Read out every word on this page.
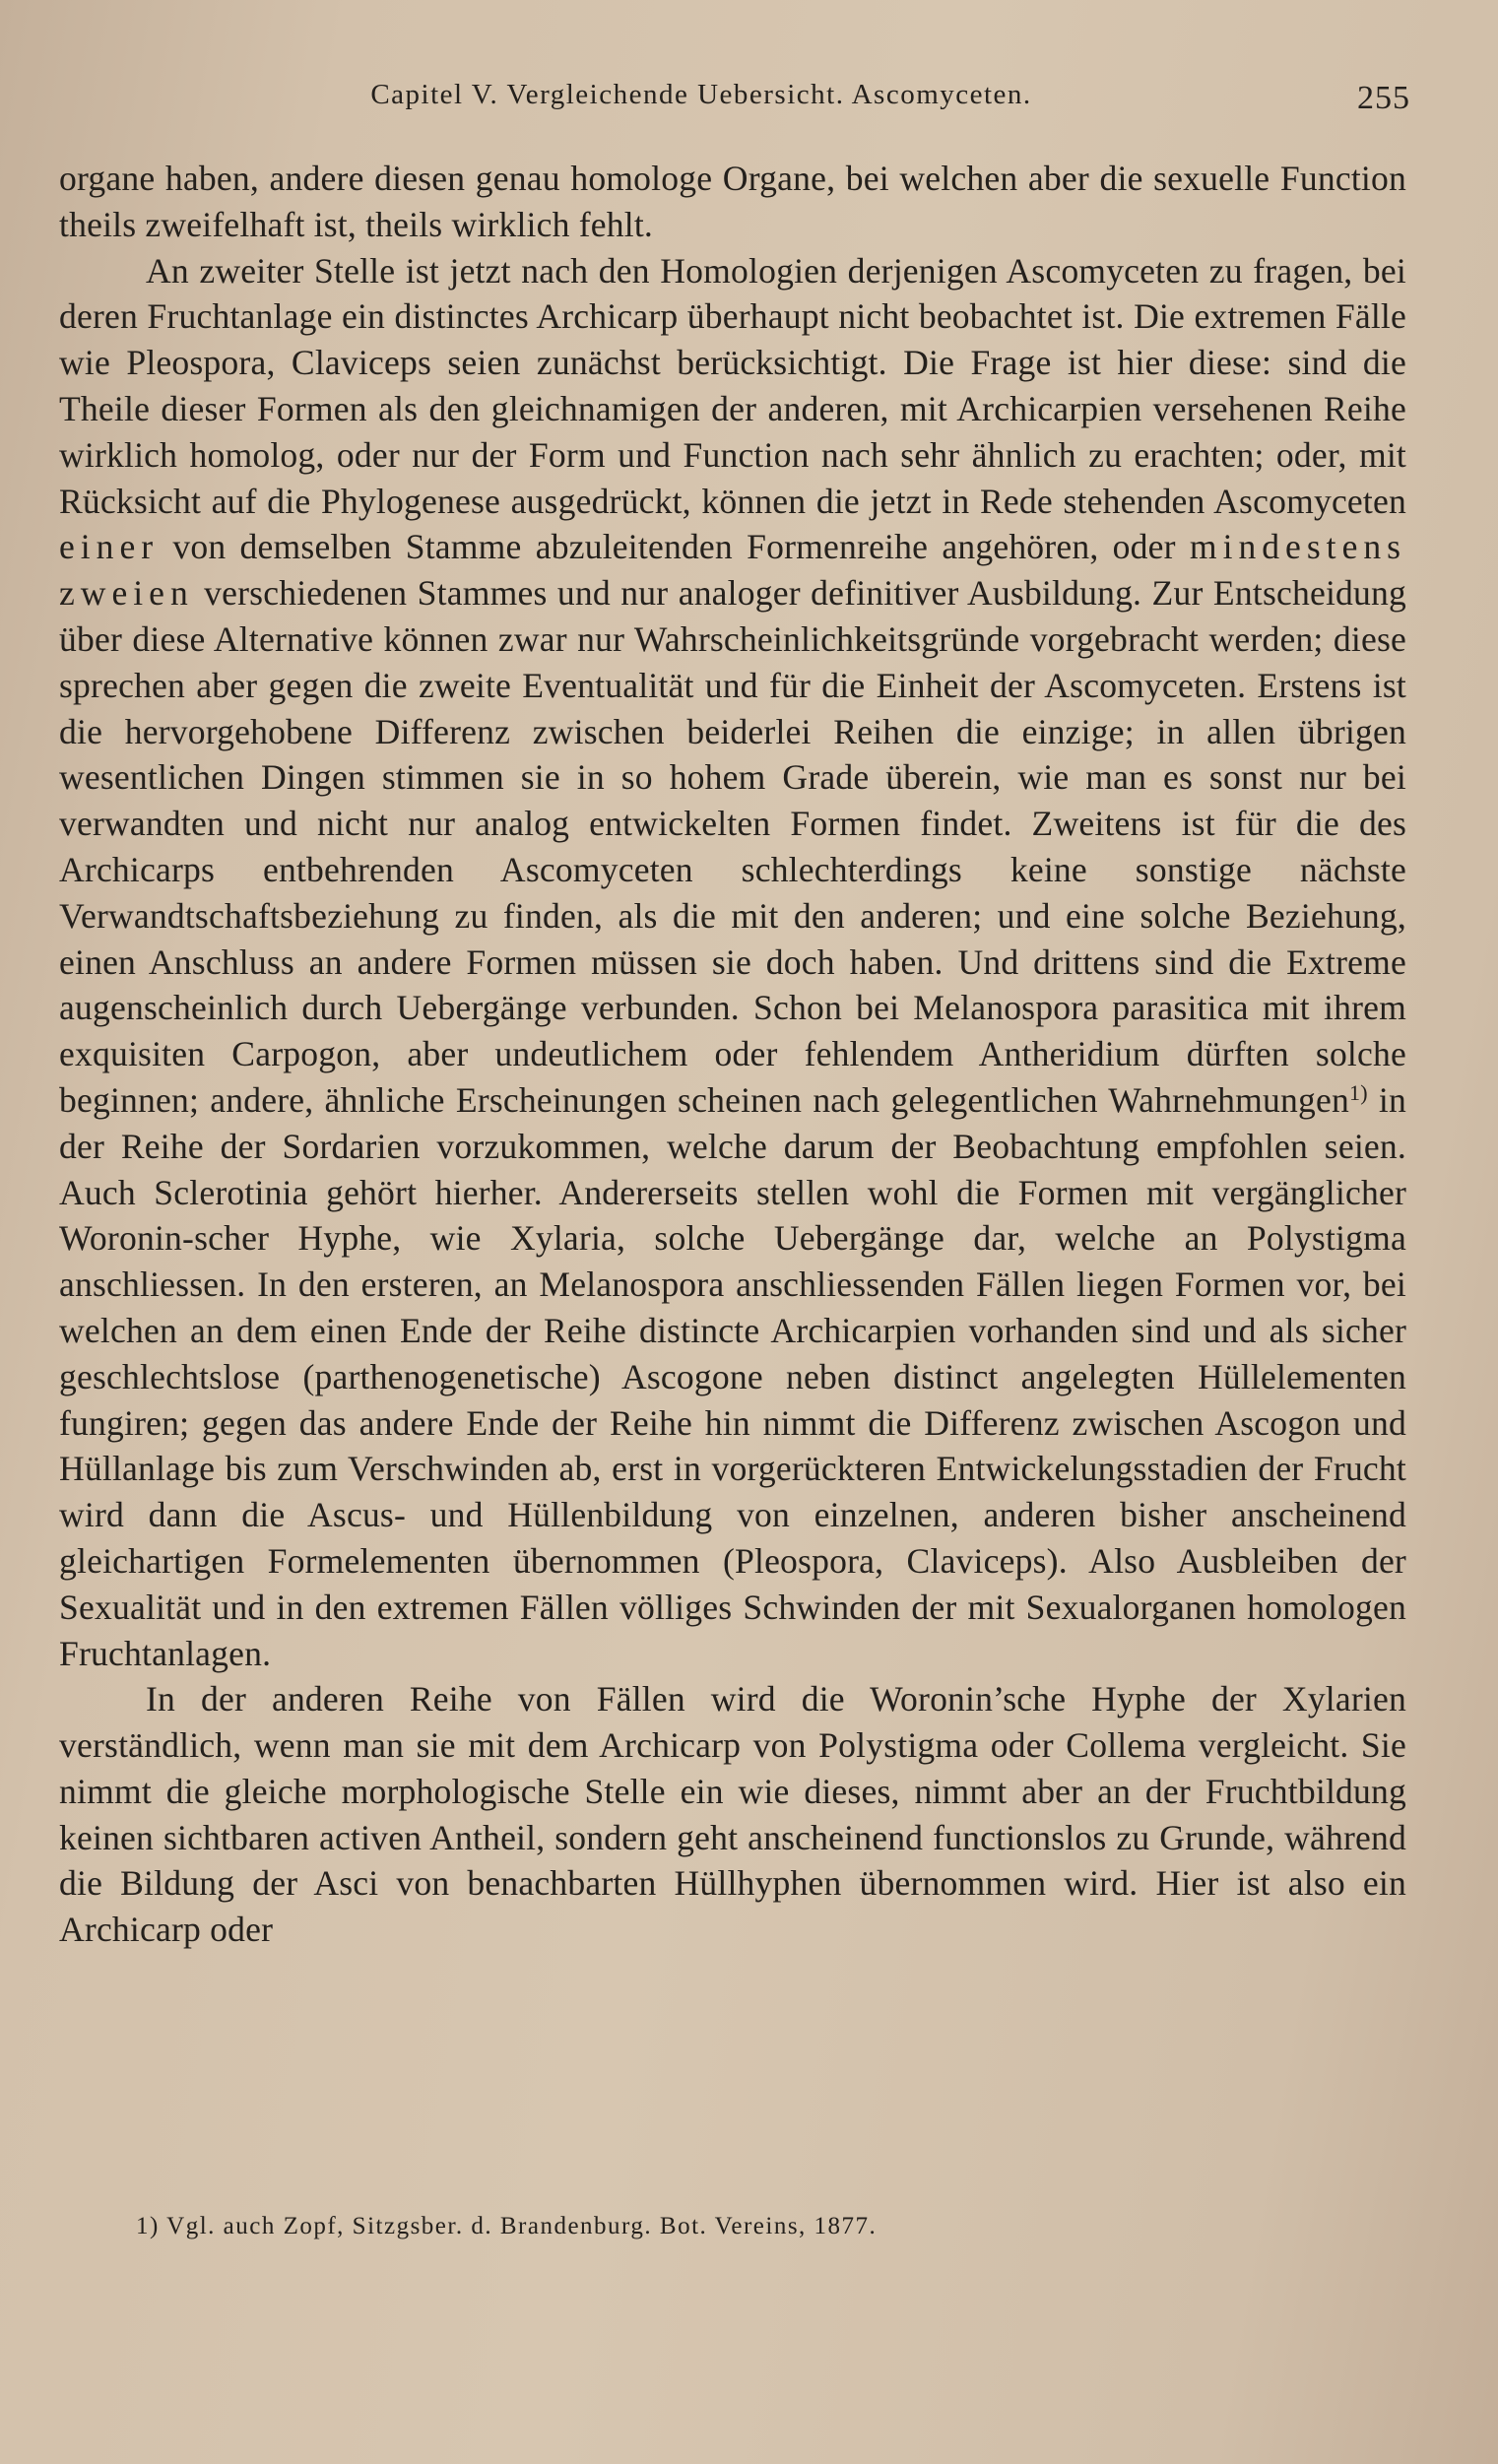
Capitel V. Vergleichende Uebersicht. Ascomyceten.	255

organe haben, andere diesen genau homologe Organe, bei welchen aber die sexuelle Function theils zweifelhaft ist, theils wirklich fehlt.

An zweiter Stelle ist jetzt nach den Homologien derjenigen Ascomyceten zu fragen, bei deren Fruchtanlage ein distinctes Archicarp überhaupt nicht beobachtet ist. Die extremen Fälle wie Pleospora, Claviceps seien zunächst berücksichtigt. Die Frage ist hier diese: sind die Theile dieser Formen als den gleichnamigen der anderen, mit Archicarpien versehenen Reihe wirklich homolog, oder nur der Form und Function nach sehr ähnlich zu erachten; oder, mit Rücksicht auf die Phylogenese ausgedrückt, können die jetzt in Rede stehenden Ascomyceten einer von demselben Stamme abzuleitenden Formenreihe angehören, oder mindestens zweien verschiedenen Stammes und nur analoger definitiver Ausbildung. Zur Entscheidung über diese Alternative können zwar nur Wahrscheinlichkeitsgründe vorgebracht werden; diese sprechen aber gegen die zweite Eventualität und für die Einheit der Ascomyceten. Erstens ist die hervorgehobene Differenz zwischen beiderlei Reihen die einzige; in allen übrigen wesentlichen Dingen stimmen sie in so hohem Grade überein, wie man es sonst nur bei verwandten und nicht nur analog entwickelten Formen findet. Zweitens ist für die des Archicarps entbehrenden Ascomyceten schlechterdings keine sonstige nächste Verwandtschaftsbeziehung zu finden, als die mit den anderen; und eine solche Beziehung, einen Anschluss an andere Formen müssen sie doch haben. Und drittens sind die Extreme augenscheinlich durch Uebergänge verbunden. Schon bei Melanospora parasitica mit ihrem exquisiten Carpogon, aber undeutlichem oder fehlendem Antheridium dürften solche beginnen; andere, ähnliche Erscheinungen scheinen nach gelegentlichen Wahrnehmungen$^{1)}$ in der Reihe der Sordarien vorzukommen, welche darum der Beobachtung empfohlen seien. Auch Sclerotinia gehört hierher. Andererseits stellen wohl die Formen mit vergänglicher Woronin-scher Hyphe, wie Xylaria, solche Uebergänge dar, welche an Polystigma anschliessen. In den ersteren, an Melanospora anschliessenden Fällen liegen Formen vor, bei welchen an dem einen Ende der Reihe distincte Archicarpien vorhanden sind und als sicher geschlechtslose (parthenogenetische) Ascogone neben distinct angelegten Hüllelementen fungiren; gegen das andere Ende der Reihe hin nimmt die Differenz zwischen Ascogon und Hüllanlage bis zum Verschwinden ab, erst in vorgerückteren Entwickelungsstadien der Frucht wird dann die Ascus- und Hüllenbildung von einzelnen, anderen bisher anscheinend gleichartigen Formelementen übernommen (Pleospora, Claviceps). Also Ausbleiben der Sexualität und in den extremen Fällen völliges Schwinden der mit Sexualorganen homologen Fruchtanlagen.

In der anderen Reihe von Fällen wird die Woronin’sche Hyphe der Xylarien verständlich, wenn man sie mit dem Archicarp von Polystigma oder Collema vergleicht. Sie nimmt die gleiche morphologische Stelle ein wie dieses, nimmt aber an der Fruchtbildung keinen sichtbaren activen Antheil, sondern geht anscheinend functionslos zu Grunde, während die Bildung der Asci von benachbarten Hüllhyphen übernommen wird. Hier ist also ein Archicarp oder

1) Vgl. auch Zopf, Sitzgsber. d. Brandenburg. Bot. Vereins, 1877.
